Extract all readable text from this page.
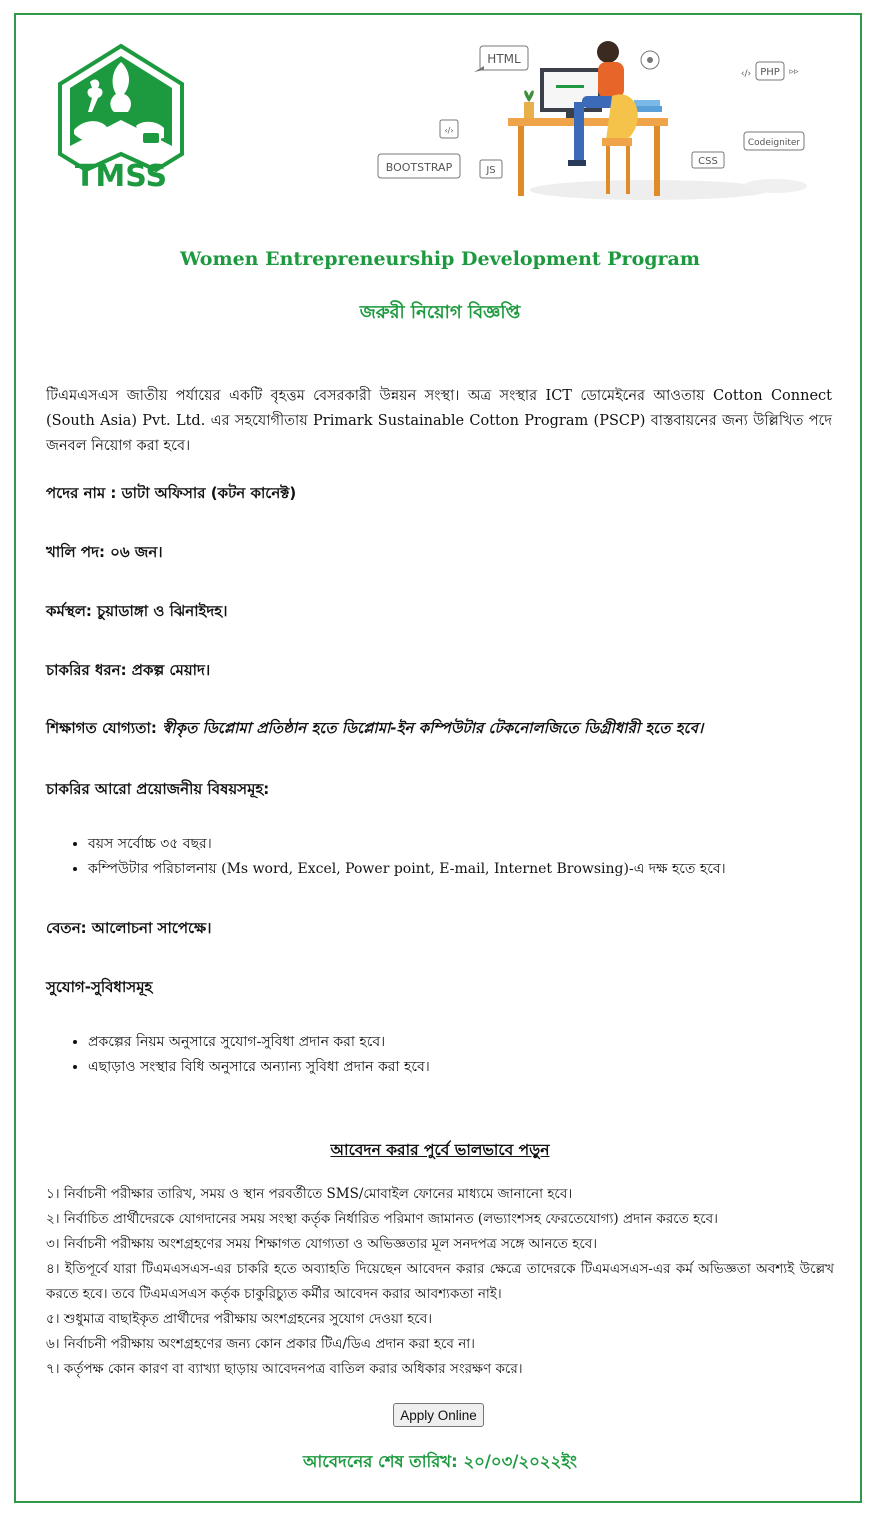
TMSS
HTML
PHP
‹/›	▹▹
BOOTSTRAP	JS
CSS
Codeigniter
‹/›
Women Entrepreneurship Development Program
জরুরী নিয়োগ বিজ্ঞপ্তি

টিএমএসএস জাতীয় পর্যায়ের একটি বৃহত্তম বেসরকারী উন্নয়ন সংস্থা। অত্র সংস্থার ICT ডোমেইনের আওতায় Cotton Connect (South Asia) Pvt. Ltd. এর সহযোগীতায় Primark Sustainable Cotton Program (PSCP) বাস্তবায়নের জন্য উল্লিখিত পদে জনবল নিয়োগ করা হবে।

পদের নাম : ডাটা অফিসার (কটন কানেক্ট)
খালি পদ: ০৬ জন।
কর্মস্থল: চুয়াডাঙ্গা ও ঝিনাইদহ।
চাকরির ধরন: প্রকল্প মেয়াদ।
শিক্ষাগত যোগ্যতা: স্বীকৃত ডিপ্লোমা প্রতিষ্ঠান হতে ডিপ্লোমা-ইন কম্পিউটার টেকনোলজিতে ডিগ্রীধারী হতে হবে।
চাকরির আরো প্রয়োজনীয় বিষয়সমূহ:
• বয়স সর্বোচ্চ ৩৫ বছর।
• কম্পিউটার পরিচালনায় (Ms word, Excel, Power point, E-mail, Internet Browsing)-এ দক্ষ হতে হবে।
বেতন: আলোচনা সাপেক্ষে।
সুযোগ-সুবিধাসমূহ
• প্রকল্পের নিয়ম অনুসারে সুযোগ-সুবিধা প্রদান করা হবে।
• এছাড়াও সংস্থার বিধি অনুসারে অন্যান্য সুবিধা প্রদান করা হবে।
আবেদন করার পুর্বে ভালভাবে পড়ুন
১। নির্বাচনী পরীক্ষার তারিখ, সময় ও স্থান পরবর্তীতে SMS/মোবাইল ফোনের মাধ্যমে জানানো হবে।
২। নির্বাচিত প্রার্থীদেরকে যোগদানের সময় সংস্থা কর্তৃক নির্ধারিত পরিমাণ জামানত (লভ্যাংশসহ ফেরতেযোগ্য) প্রদান করতে হবে।
৩। নির্বাচনী পরীক্ষায় অংশগ্রহণের সময় শিক্ষাগত যোগ্যতা ও অভিজ্ঞতার মূল সনদপত্র সঙ্গে আনতে হবে।
৪। ইতিপূর্বে যারা টিএমএসএস-এর চাকরি হতে অব্যাহতি দিয়েছেন আবেদন করার ক্ষেত্রে তাদেরকে টিএমএসএস-এর কর্ম অভিজ্ঞতা অবশ্যই উল্লেখ করতে হবে। তবে টিএমএসএস কর্তৃক চাকুরিচ্যুত কর্মীর আবেদন করার আবশ্যকতা নাই।
৫। শুধুমাত্র বাছাইকৃত প্রার্থীদের পরীক্ষায় অংশগ্রহনের সুযোগ দেওয়া হবে।
৬। নির্বাচনী পরীক্ষায় অংশগ্রহণের জন্য কোন প্রকার টিএ/ডিএ প্রদান করা হবে না।
৭। কর্তৃপক্ষ কোন কারণ বা ব্যাখ্যা ছাড়ায় আবেদনপত্র বাতিল করার অধিকার সংরক্ষণ করে।
Apply Online
আবেদনের শেষ তারিখ: ২০/০৩/২০২২ইং
